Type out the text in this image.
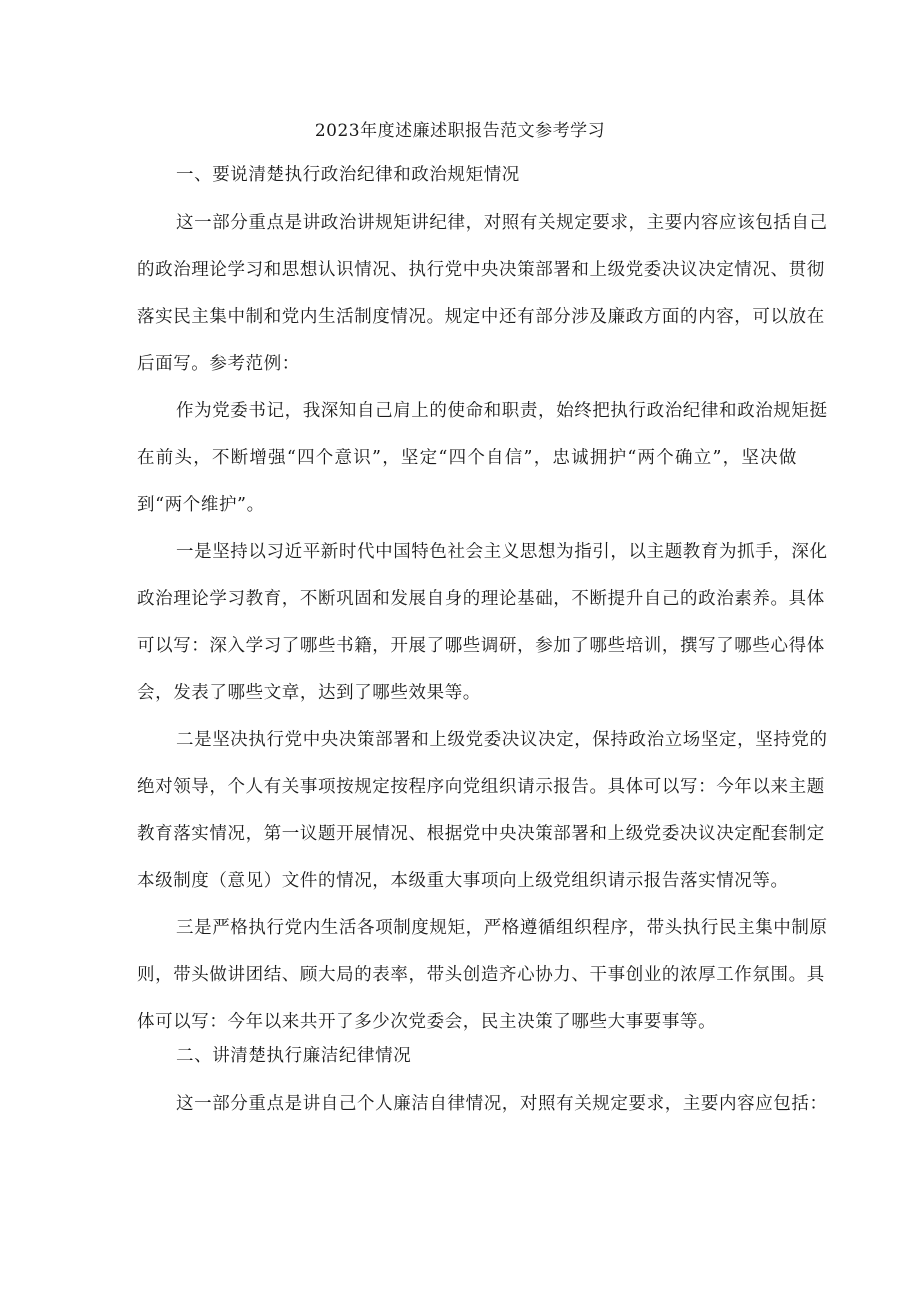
2023年度述廉述职报告范文参考学习
一、要说清楚执行政治纪律和政治规矩情况
这一部分重点是讲政治讲规矩讲纪律，对照有关规定要求，主要内容应该包括自己
的政治理论学习和思想认识情况、执行党中央决策部署和上级党委决议决定情况、贯彻
落实民主集中制和党内生活制度情况。规定中还有部分涉及廉政方面的内容，可以放在
后面写。参考范例：
作为党委书记，我深知自己肩上的使命和职责，始终把执行政治纪律和政治规矩挺
在前头，不断增强“四个意识”，坚定“四个自信”，忠诚拥护“两个确立”，坚决做
到“两个维护”。
一是坚持以习近平新时代中国特色社会主义思想为指引，以主题教育为抓手，深化
政治理论学习教育，不断巩固和发展自身的理论基础，不断提升自己的政治素养。具体
可以写：深入学习了哪些书籍，开展了哪些调研，参加了哪些培训，撰写了哪些心得体
会，发表了哪些文章，达到了哪些效果等。
二是坚决执行党中央决策部署和上级党委决议决定，保持政治立场坚定，坚持党的
绝对领导，个人有关事项按规定按程序向党组织请示报告。具体可以写：今年以来主题
教育落实情况，第一议题开展情况、根据党中央决策部署和上级党委决议决定配套制定
本级制度（意见）文件的情况，本级重大事项向上级党组织请示报告落实情况等。
三是严格执行党内生活各项制度规矩，严格遵循组织程序，带头执行民主集中制原
则，带头做讲团结、顾大局的表率，带头创造齐心协力、干事创业的浓厚工作氛围。具
体可以写：今年以来共开了多少次党委会，民主决策了哪些大事要事等。
二、讲清楚执行廉洁纪律情况
这一部分重点是讲自己个人廉洁自律情况，对照有关规定要求，主要内容应包括：
